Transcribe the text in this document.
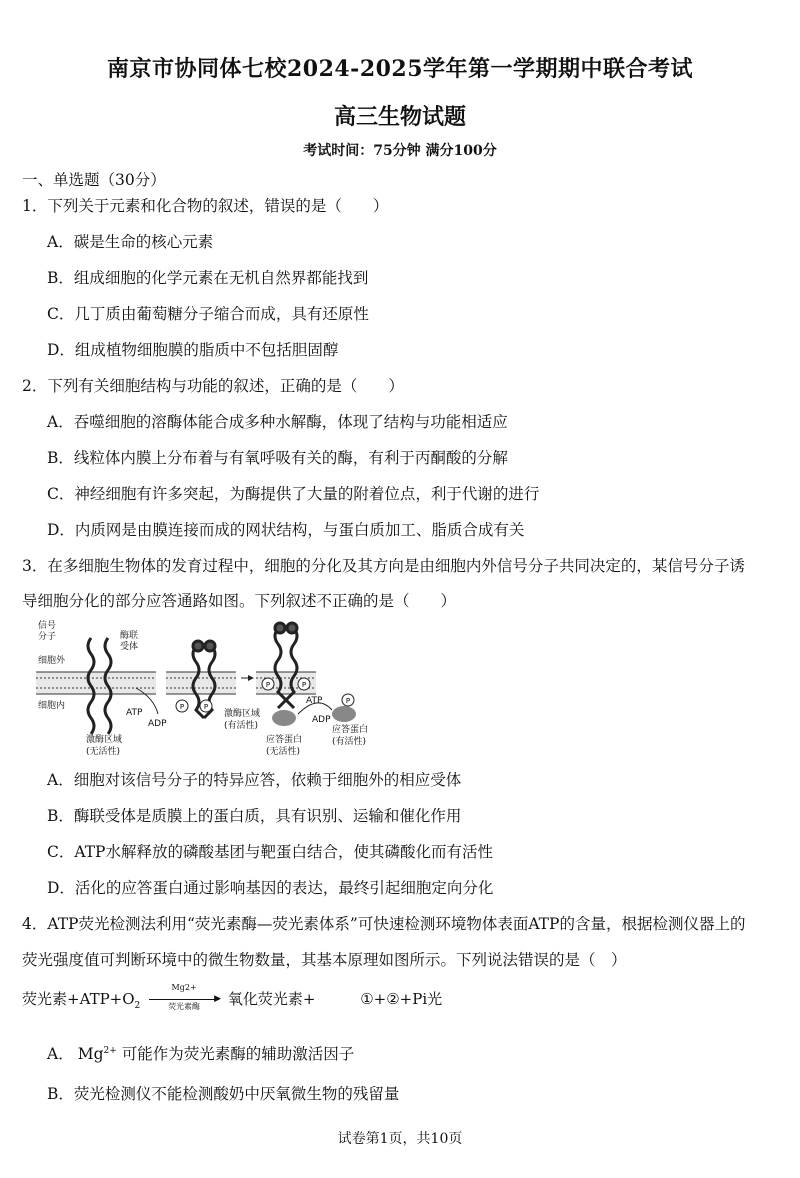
南京市协同体七校2024-2025学年第一学期期中联合考试
高三生物试题
考试时间：75分钟 满分100分
一、单选题（30分）
1．下列关于元素和化合物的叙述，错误的是（　　）
A．碳是生命的核心元素
B．组成细胞的化学元素在无机自然界都能找到
C．几丁质由葡萄糖分子缩合而成，具有还原性
D．组成植物细胞膜的脂质中不包括胆固醇
2．下列有关细胞结构与功能的叙述，正确的是（　　）
A．吞噬细胞的溶酶体能合成多种水解酶，体现了结构与功能相适应
B．线粒体内膜上分布着与有氧呼吸有关的酶，有利于丙酮酸的分解
C．神经细胞有许多突起，为酶提供了大量的附着位点，利于代谢的进行
D．内质网是由膜连接而成的网状结构，与蛋白质加工、脂质合成有关
3．在多细胞生物体的发育过程中，细胞的分化及其方向是由细胞内外信号分子共同决定的，某信号分子诱
导细胞分化的部分应答通路如图。下列叙述不正确的是（　　）
P	P
P	P
P
信号
分子	酶联
受体
细胞外
细胞内
ATP
ADP
激酶区域
(无活性)
激酶区域
(有活性)
ATP
ADP
应答蛋白
(无活性)
应答蛋白
(有活性)
A．细胞对该信号分子的特异应答，依赖于细胞外的相应受体
B．酶联受体是质膜上的蛋白质，具有识别、运输和催化作用
C．ATP水解释放的磷酸基团与靶蛋白结合，使其磷酸化而有活性
D．活化的应答蛋白通过影响基因的表达，最终引起细胞定向分化
4．ATP荧光检测法利用“荧光素酶—荧光素体系”可快速检测环境物体表面ATP的含量，根据检测仪器上的
荧光强度值可判断环境中的微生物数量，其基本原理如图所示。下列说法错误的是（　）
荧光素$+ATP+O_2$
Mg2+
▶
荧光素酶	氧化荧光素+	①+②+Pi光
A． $Mg^{2+}$ 可能作为荧光素酶的辅助激活因子
B．荧光检测仪不能检测酸奶中厌氧微生物的残留量
试卷第1页，共10页
